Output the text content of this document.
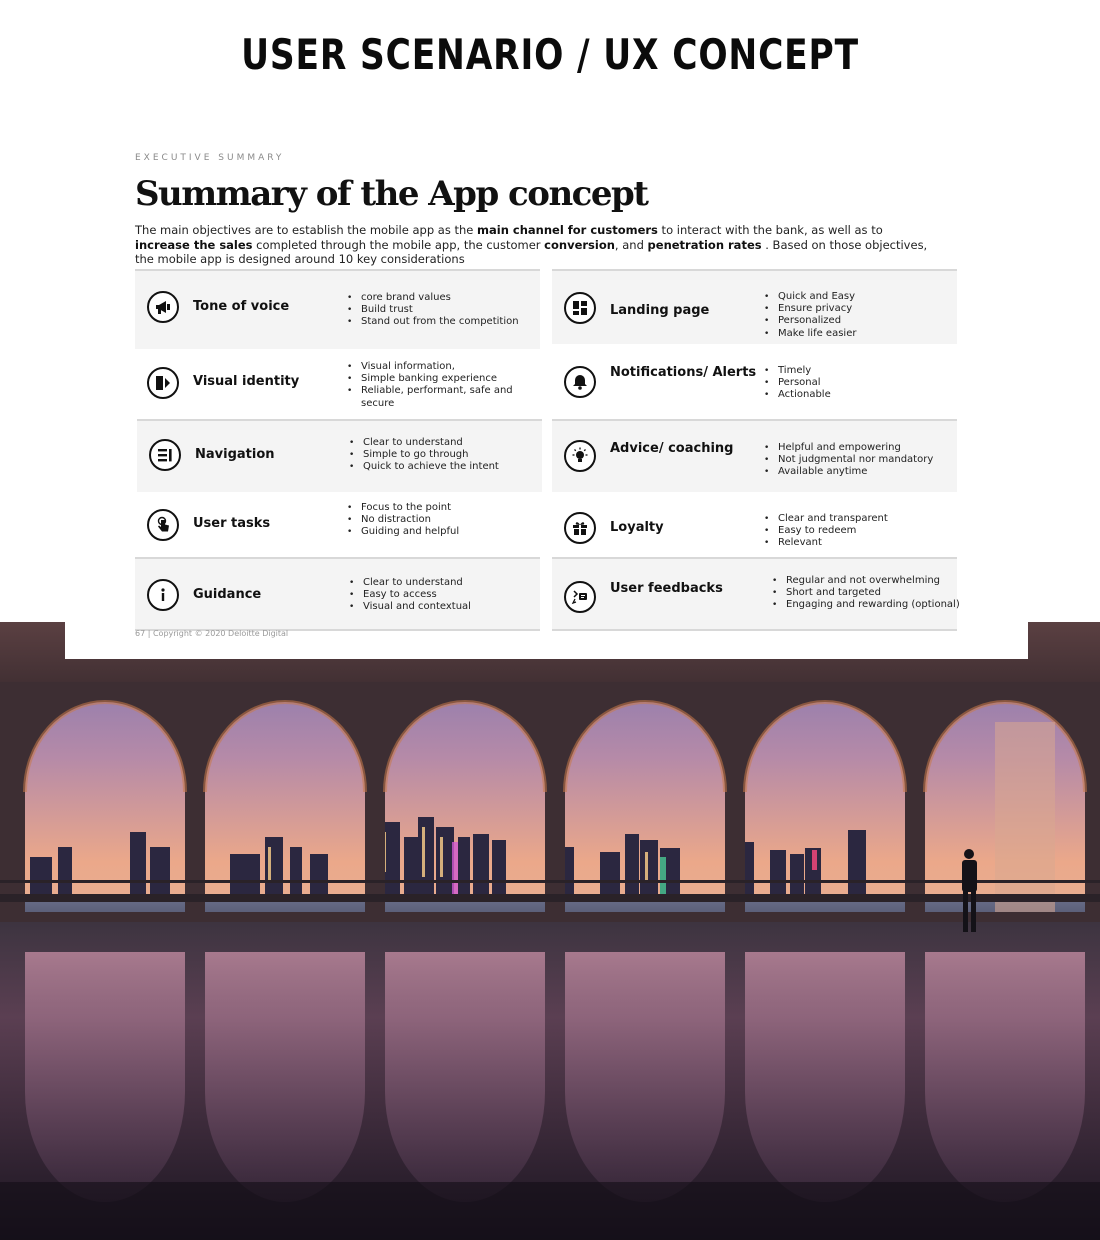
USER SCENARIO / UX CONCEPT
EXECUTIVE SUMMARY
Summary of the App concept

The main objectives are to establish the mobile app as the main channel for customers to interact with the bank, as well as to increase the sales completed through the mobile app, the customer conversion, and penetration rates . Based on those objectives, the mobile app is designed around 10 key considerations

Tone of voice
• core brand values
• Build trust
• Stand out from the competition
Visual identity
• Visual information,
• Simple banking experience
• Reliable, performant, safe and secure
Navigation
• Clear to understand
• Simple to go through
• Quick to achieve the intent
User tasks
• Focus to the point
• No distraction
• Guiding and helpful
Guidance
• Clear to understand
• Easy to access
• Visual and contextual
Landing page
• Quick and Easy
• Ensure privacy
• Personalized
• Make life easier
Notifications/ Alerts	• Timely
• Personal
• Actionable
Advice/ coaching	• Helpful and empowering
• Not judgmental nor mandatory
• Available anytime
Loyalty
• Clear and transparent
• Easy to redeem
• Relevant
User feedbacks
• Regular and not overwhelming
• Short and targeted
• Engaging and rewarding (optional)
67 | Copyright © 2020 Deloitte Digital
